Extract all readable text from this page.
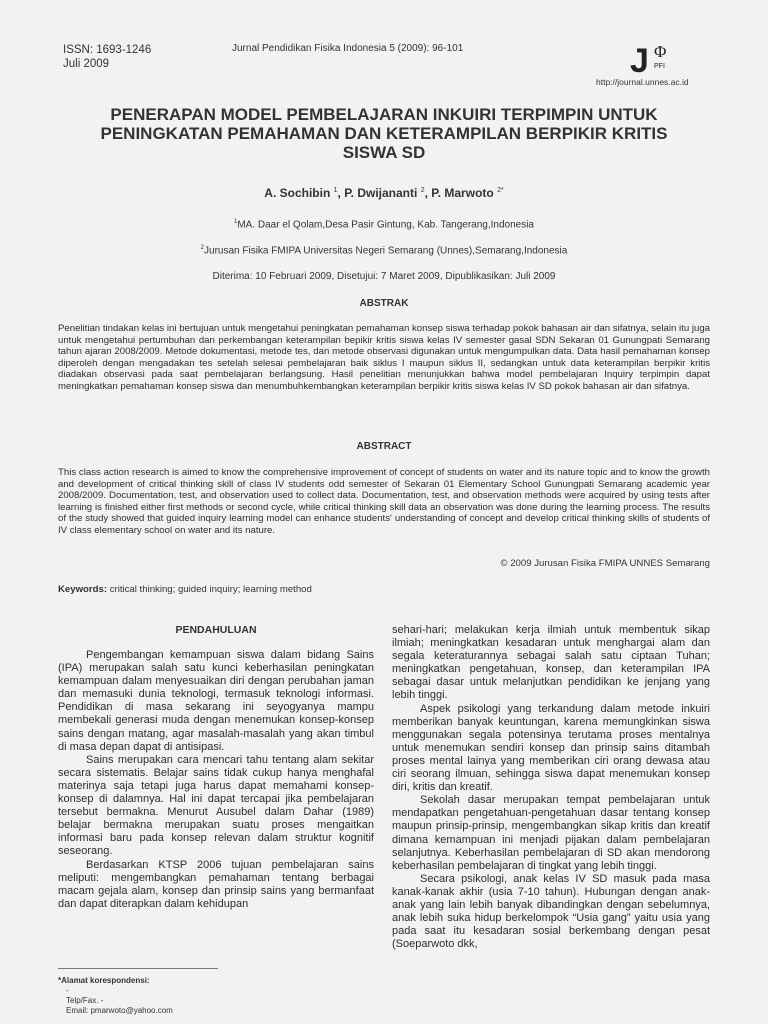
ISSN: 1693-1246
Juli 2009
Jurnal Pendidikan Fisika Indonesia 5 (2009): 96-101	J Φ
PFI
http://journal.unnes.ac.id
PENERAPAN MODEL PEMBELAJARAN INKUIRI TERPIMPIN UNTUK
PENINGKATAN PEMAHAMAN DAN KETERAMPILAN BERPIKIR KRITIS
SISWA SD
A. Sochibin $^1$, P. Dwijananti $^2$, P. Marwoto $^{2*}$
$^1$MA. Daar el Qolam,Desa Pasir Gintung, Kab. Tangerang,Indonesia
$^2$Jurusan Fisika FMIPA Universitas Negeri Semarang (Unnes),Semarang,Indonesia
Diterima: 10 Februari 2009, Disetujui: 7 Maret 2009, Dipublikasikan: Juli 2009
ABSTRAK
Penelitian tindakan kelas ini bertujuan untuk mengetahui peningkatan pemahaman konsep siswa terhadap pokok bahasan air dan sifatnya, selain itu juga untuk mengetahui pertumbuhan dan perkembangan keterampilan bepikir kritis siswa kelas IV semester gasal SDN Sekaran 01 Gunungpati Semarang tahun ajaran 2008/2009. Metode dokumentasi, metode tes, dan metode observasi digunakan untuk mengumpulkan data. Data hasil pemahaman konsep diperoleh dengan mengadakan tes setelah selesai pembelajaran baik siklus I maupun siklus II, sedangkan untuk data keterampilan berpikir kritis diadakan observasi pada saat pembelajaran berlangsung. Hasil penelitian menunjukkan bahwa model pembelajaran Inquiry terpimpin dapat meningkatkan pemahaman konsep siswa dan menumbuhkembangkan keterampilan berpikir kritis siswa kelas IV SD pokok bahasan air dan sifatnya.
ABSTRACT
This class action research is aimed to know the comprehensive improvement of concept of students on water and its nature topic and to know the growth and development of critical thinking skill of class IV students odd semester of Sekaran 01 Elementary School Gunungpati Semarang academic year 2008/2009. Documentation, test, and observation used to collect data. Documentation, test, and observation methods were acquired by using tests after learning is finished either first methods or second cycle, while critical thinking skill data an observation was done during the learning process. The results of the study showed that guided inquiry learning model can enhance students' understanding of concept and develop critical thinking skills of students of IV class elementary school on water and its nature.
© 2009 Jurusan Fisika FMIPA UNNES Semarang
Keywords: critical thinking; guided inquiry; learning method
PENDAHULUAN

Pengembangan kemampuan siswa dalam bidang Sains (IPA) merupakan salah satu kunci keberhasilan peningkatan kemampuan dalam menyesuaikan diri dengan perubahan jaman dan memasuki dunia teknologi, termasuk teknologi informasi. Pendidikan di masa sekarang ini seyogyanya mampu membekali generasi muda dengan menemukan konsep-konsep sains dengan matang, agar masalah-masalah yang akan timbul di masa depan dapat di antisipasi.

Sains merupakan cara mencari tahu tentang alam sekitar secara sistematis. Belajar sains tidak cukup hanya menghafal materinya saja tetapi juga harus dapat memahami konsep-konsep di dalamnya. Hal ini dapat tercapai jika pembelajaran tersebut bermakna. Menurut Ausubel dalam Dahar (1989) belajar bermakna merupakan suatu proses mengaitkan informasi baru pada konsep relevan dalam struktur kognitif seseorang.

Berdasarkan KTSP 2006 tujuan pembelajaran sains meliputi: mengembangkan pemahaman tentang berbagai macam gejala alam, konsep dan prinsip sains yang bermanfaat dan dapat diterapkan dalam kehidupan

sehari-hari; melakukan kerja ilmiah untuk membentuk sikap ilmiah; meningkatkan kesadaran untuk menghargai alam dan segala keteraturannya sebagai salah satu ciptaan Tuhan; meningkatkan pengetahuan, konsep, dan keterampilan IPA sebagai dasar untuk melanjutkan pendidikan ke jenjang yang lebih tinggi.

Aspek psikologi yang terkandung dalam metode inkuiri memberikan banyak keuntungan, karena memungkinkan siswa menggunakan segala potensinya terutama proses mentalnya untuk menemukan sendiri konsep dan prinsip sains ditambah proses mental lainya yang memberikan ciri orang dewasa atau ciri seorang ilmuan, sehingga siswa dapat menemukan konsep diri, kritis dan kreatif.

Sekolah dasar merupakan tempat pembelajaran untuk mendapatkan pengetahuan-pengetahuan dasar tentang konsep maupun prinsip-prinsip, mengembangkan sikap kritis dan kreatif dimana kemampuan ini menjadi pijakan dalam pembelajaran selanjutnya. Keberhasilan pembelajaran di SD akan mendorong keberhasilan pembelajaran di tingkat yang lebih tinggi.

Secara psikologi, anak kelas IV SD masuk pada masa kanak-kanak akhir (usia 7-10 tahun). Hubungan dengan anak-anak yang lain lebih banyak dibandingkan dengan sebelumnya, anak lebih suka hidup berkelompok “Usia gang” yaitu usia yang pada saat itu kesadaran sosial berkembang dengan pesat (Soeparwoto dkk,

*Alamat korespondensi:
-
Telp/Fax. -
Email: pmarwoto@yahoo.com
